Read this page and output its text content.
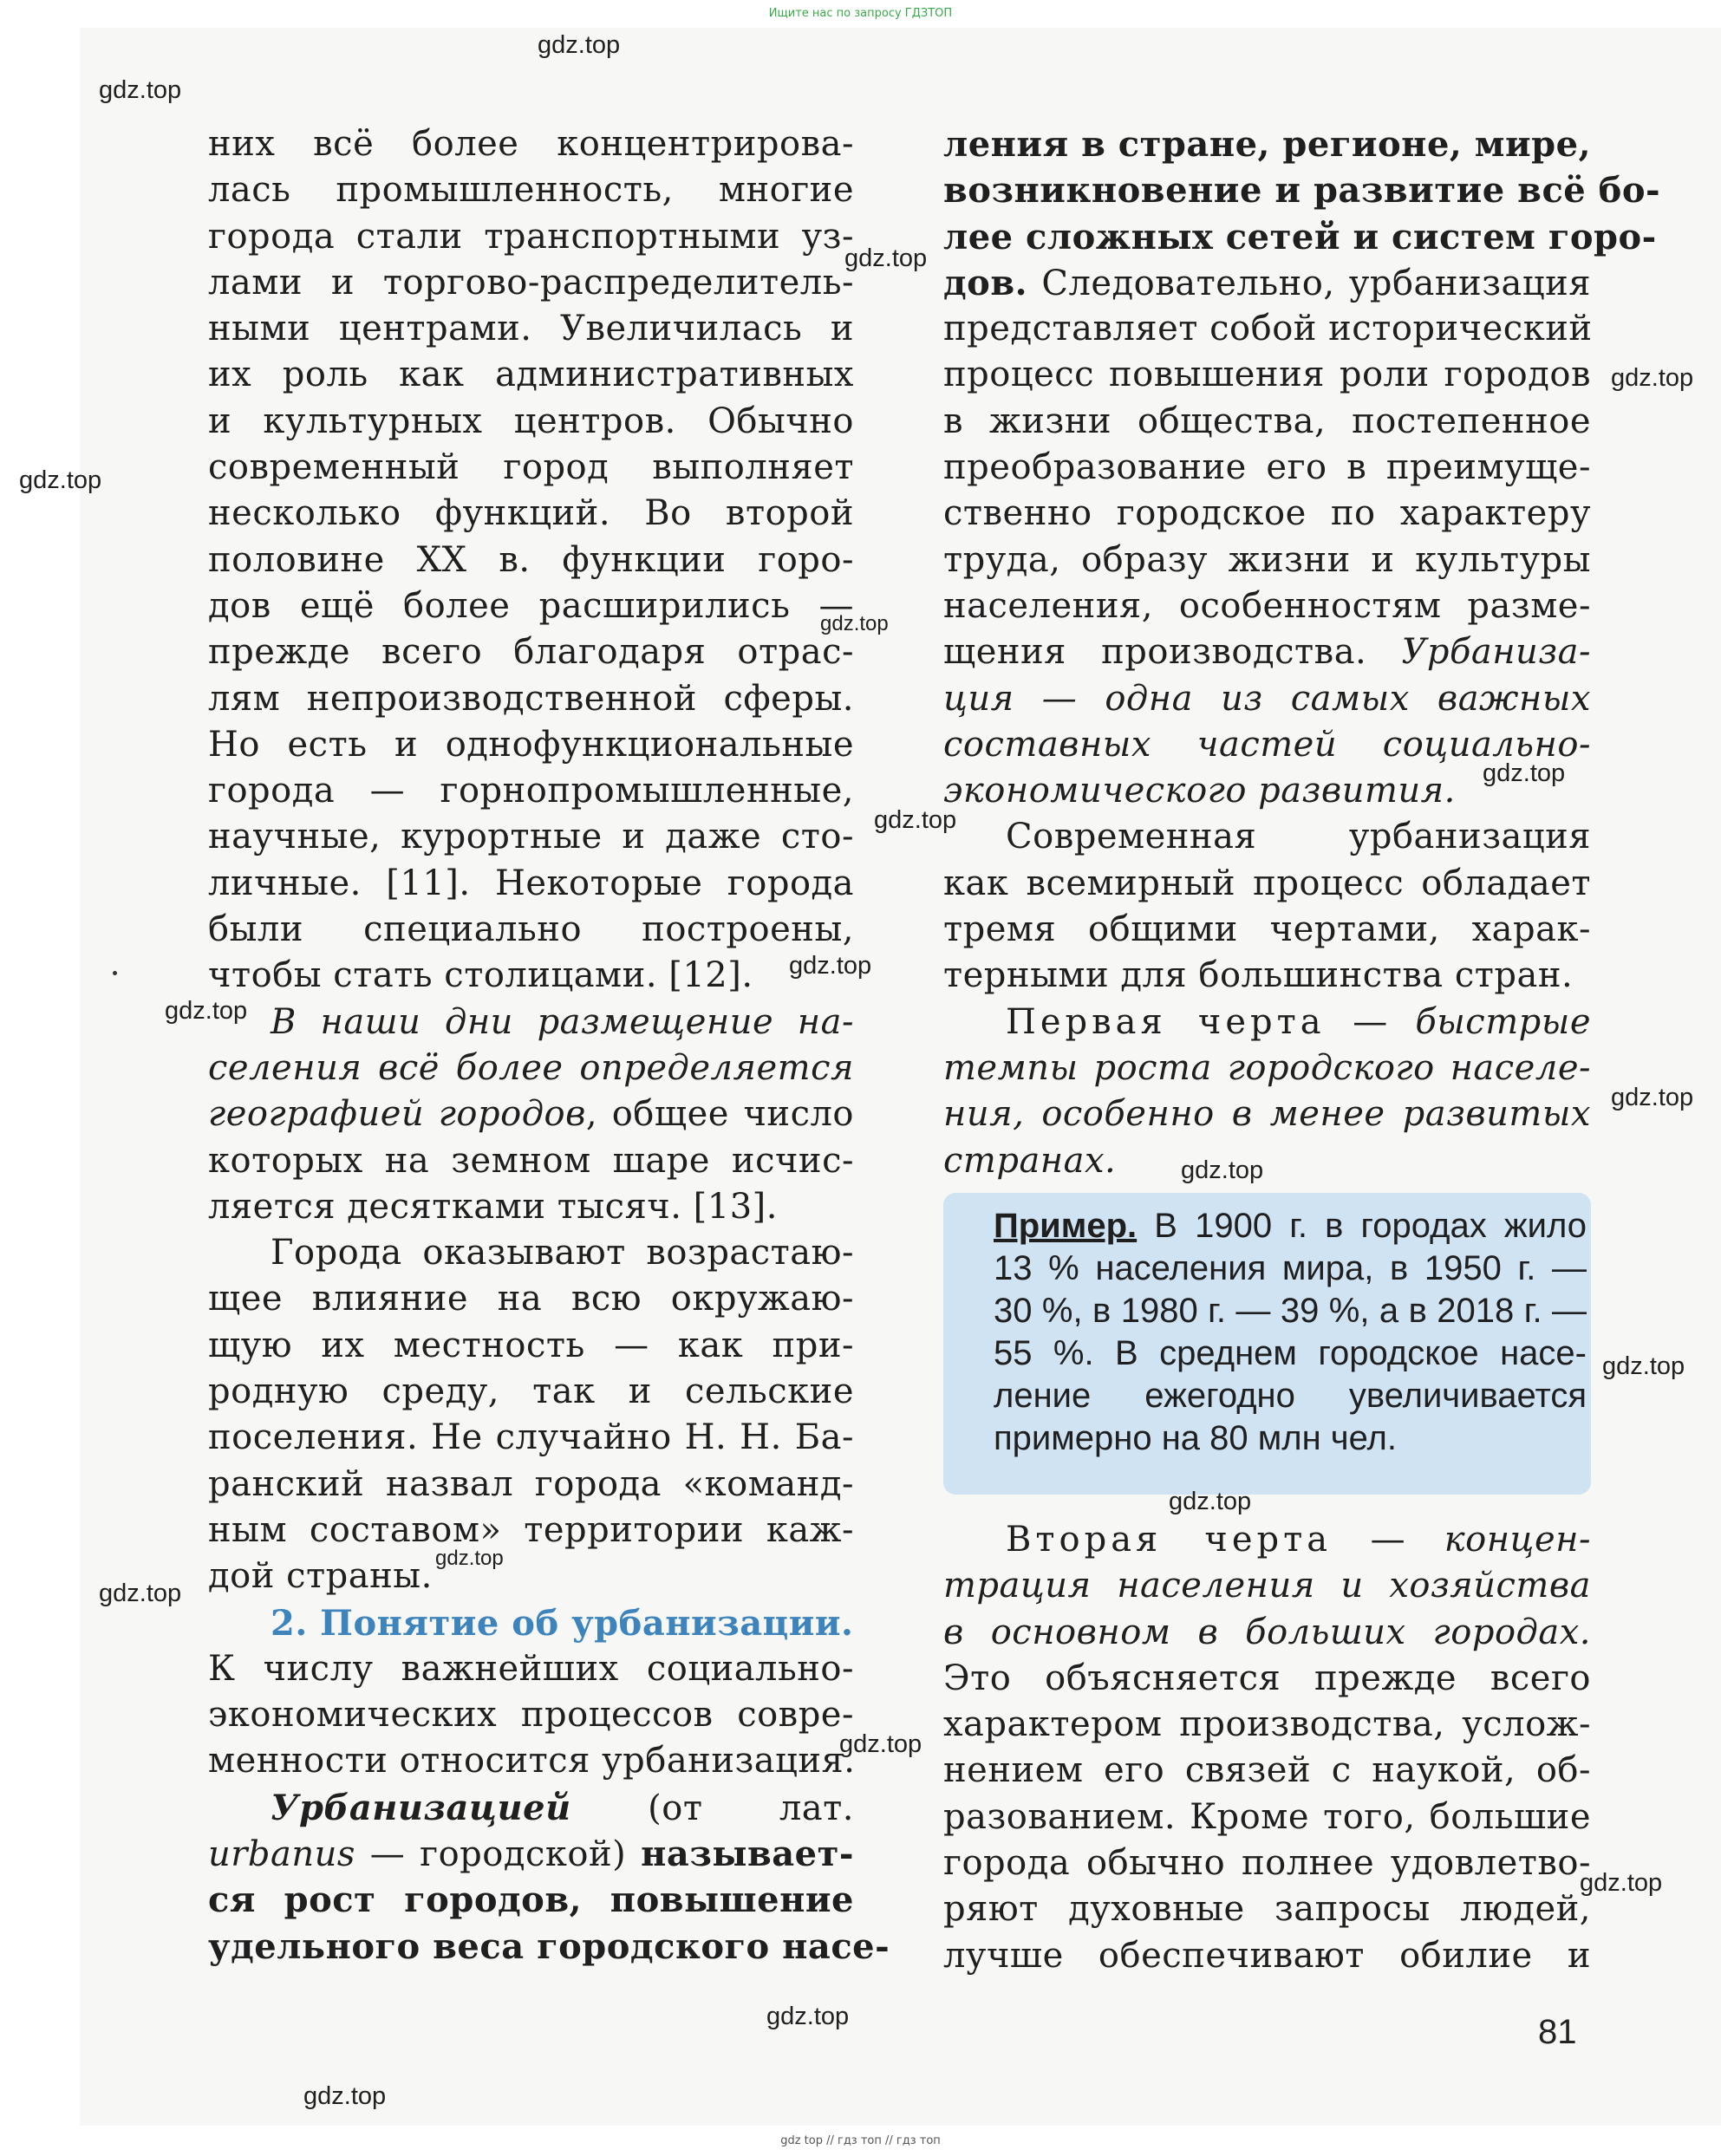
Ищите нас по запросу ГДЗТОП
них всё более концентрирова-
лась промышленность, многие
города стали транспортными уз-
лами и торгово-распределитель-
ными центрами. Увеличилась и
их роль как административных
и культурных центров. Обычно
современный город выполняет
несколько функций. Во второй
половине XX в. функции горо-
дов ещё более расширились —
прежде всего благодаря отрас-
лям непроизводственной сферы.
Но есть и однофункциональные
города — горнопромышленные,
научные, курортные и даже сто-
личные. [11]. Некоторые города
были специально построены,
чтобы стать столицами. [12].
В наши дни размещение на-
селения всё более определяется
географией городов, общее число
которых на земном шаре исчис-
ляется десятками тысяч. [13].
Города оказывают возрастаю-
щее влияние на всю окружаю-
щую их местность — как при-
родную среду, так и сельские
поселения. Не случайно Н. Н. Ба-
ранский назвал города «команд-
ным составом» территории каж-
дой страны.
2. Понятие об урбанизации.
К числу важнейших социально-
экономических процессов совре-
менности относится урбанизация.
Урбанизацией (от лат.
urbanus — городской) называет-
ся рост городов, повышение
удельного веса городского насе-
ления в стране, регионе, мире,
возникновение и развитие всё бо-
лее сложных сетей и систем горо-
дов. Следовательно, урбанизация
представляет собой исторический
процесс повышения роли городов
в жизни общества, постепенное
преобразование его в преимуще-
ственно городское по характеру
труда, образу жизни и культуры
населения, особенностям разме-
щения производства. Урбаниза-
ция — одна из самых важных
составных частей социально-
экономического развития.
Современная урбанизация
как всемирный процесс обладает
тремя общими чертами, харак-
терными для большинства стран.
Первая черта — быстрые
темпы роста городского населе-
ния, особенно в менее развитых
странах.
Пример. В 1900 г. в городах жило
13 % населения мира, в 1950 г. —
30 %, в 1980 г. — 39 %, а в 2018 г. —
55 %. В среднем городское насе-
ление ежегодно увеличивается
примерно на 80 млн чел.
Вторая черта — концен-
трация населения и хозяйства
в основном в больших городах.
Это объясняется прежде всего
характером производства, услож-
нением его связей с наукой, об-
разованием. Кроме того, большие
города обычно полнее удовлетво-
ряют духовные запросы людей,
лучше обеспечивают обилие и
81
gdz.top
gdz.top
gdz.top
gdz.top
gdz.top
gdz.top
gdz.top
gdz.top
gdz.top
gdz.top
gdz.top
gdz.top
gdz.top
gdz.top
gdz.top
gdz.top
gdz.top
gdz.top
gdz.top
gdz.top
gdz top // гдз топ // гдз топ
